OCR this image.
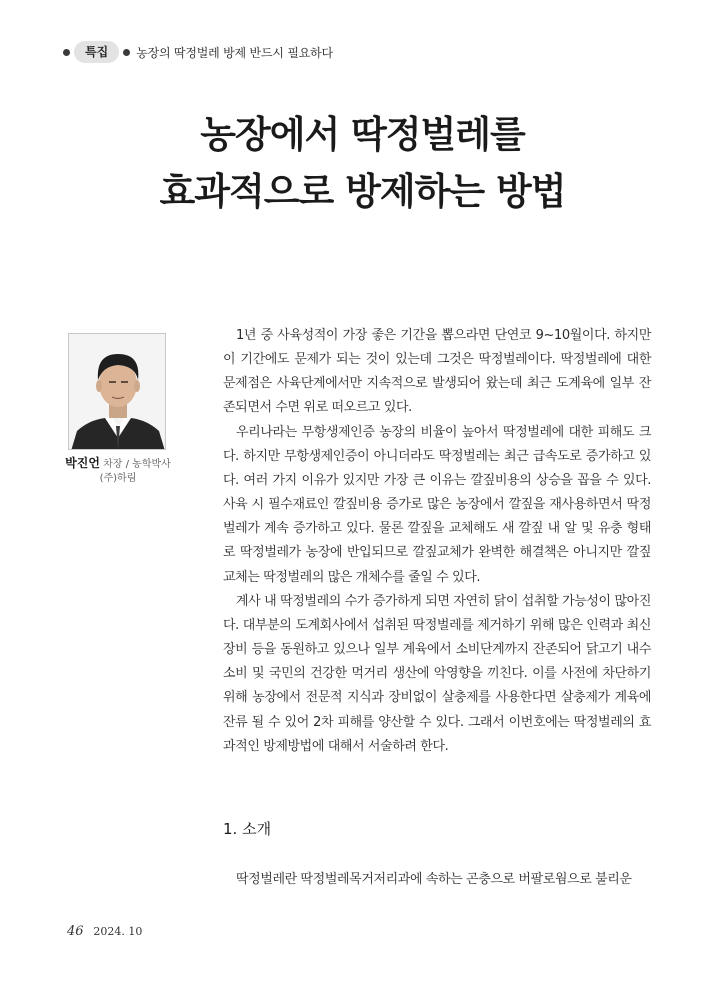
특집	농장의 딱정벌레 방제 반드시 필요하다
농장에서 딱정벌레를
효과적으로 방제하는 방법
박진언 차장 / 농학박사
(주)하림

1년 중 사육성적이 가장 좋은 기간을 뽑으라면 단연코 9~10월이다. 하지만 이 기간에도 문제가 되는 것이 있는데 그것은 딱정벌레이다. 딱정벌레에 대한 문제점은 사육단계에서만 지속적으로 발생되어 왔는데 최근 도계육에 일부 잔존되면서 수면 위로 떠오르고 있다.

우리나라는 무항생제인증 농장의 비율이 높아서 딱정벌레에 대한 피해도 크다. 하지만 무항생제인증이 아니더라도 딱정벌레는 최근 급속도로 증가하고 있다. 여러 가지 이유가 있지만 가장 큰 이유는 깔짚비용의 상승을 꼽을 수 있다. 사육 시 필수재료인 깔짚비용 증가로 많은 농장에서 깔짚을 재사용하면서 딱정벌레가 계속 증가하고 있다. 물론 깔짚을 교체해도 새 깔짚 내 알 및 유충 형태로 딱정벌레가 농장에 반입되므로 깔짚교체가 완벽한 해결책은 아니지만 깔짚교체는 딱정벌레의 많은 개체수를 줄일 수 있다.

계사 내 딱정벌레의 수가 증가하게 되면 자연히 닭이 섭취할 가능성이 많아진다. 대부분의 도계회사에서 섭취된 딱정벌레를 제거하기 위해 많은 인력과 최신 장비 등을 동원하고 있으나 일부 계육에서 소비단계까지 잔존되어 닭고기 내수 소비 및 국민의 건강한 먹거리 생산에 악영향을 끼친다. 이를 사전에 차단하기 위해 농장에서 전문적 지식과 장비없이 살충제를 사용한다면 살충제가 계육에 잔류 될 수 있어 2차 피해를 양산할 수 있다. 그래서 이번호에는 딱정벌레의 효과적인 방제방법에 대해서 서술하려 한다.

1. 소개
딱정벌레란 딱정벌레목거저리과에 속하는 곤충으로 버팔로웜으로 불리운
46 2024. 10
